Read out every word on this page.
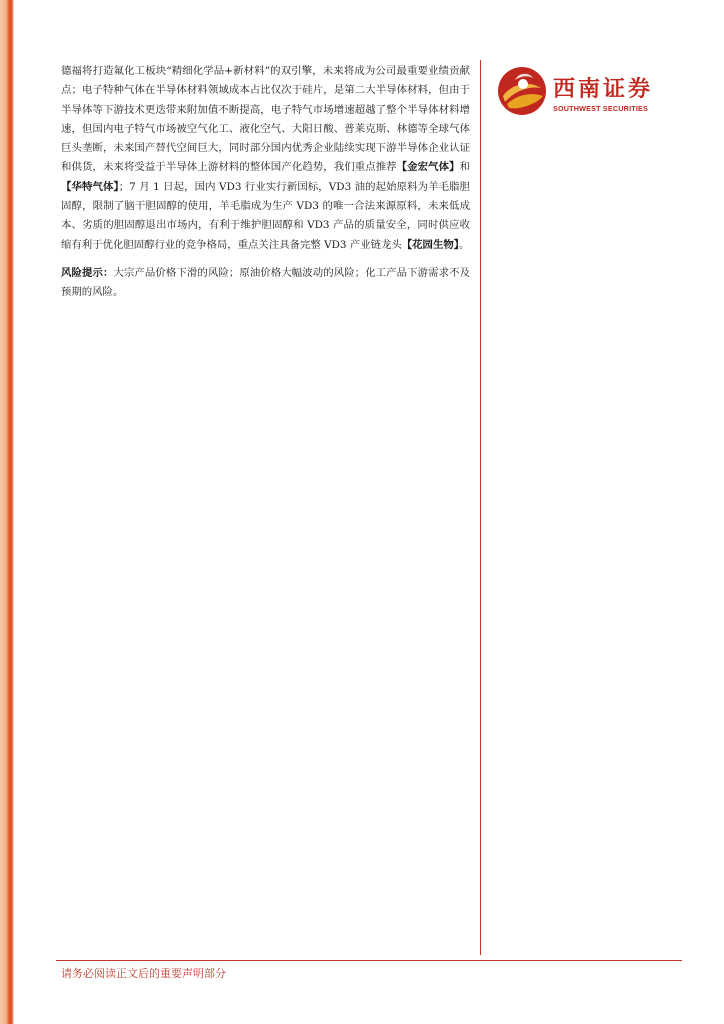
西南证券
SOUTHWEST SECURITIES

德福将打造氟化工板块“精细化学品+新材料”的双引擎，未来将成为公司最重要业绩贡献点；电子特种气体在半导体材料领域成本占比仅次于硅片，是第二大半导体材料，但由于半导体等下游技术更迭带来附加值不断提高，电子特气市场增速超越了整个半导体材料增速，但国内电子特气市场被空气化工、液化空气、大阳日酸、普莱克斯、林德等全球气体巨头垄断，未来国产替代空间巨大，同时部分国内优秀企业陆续实现下游半导体企业认证和供货，未来将受益于半导体上游材料的整体国产化趋势，我们重点推荐【金宏气体】和【华特气体】；7 月 1 日起，国内 VD3 行业实行新国标，VD3 油的起始原料为羊毛脂胆固醇，限制了脑干胆固醇的使用，羊毛脂成为生产 VD3 的唯一合法来源原料，未来低成本、劣质的胆固醇退出市场内，有利于维护胆固醇和 VD3 产品的质量安全，同时供应收缩有利于优化胆固醇行业的竞争格局，重点关注具备完整 VD3 产业链龙头【花园生物】。

风险提示：大宗产品价格下滑的风险；原油价格大幅波动的风险；化工产品下游需求不及预期的风险。

请务必阅读正文后的重要声明部分
